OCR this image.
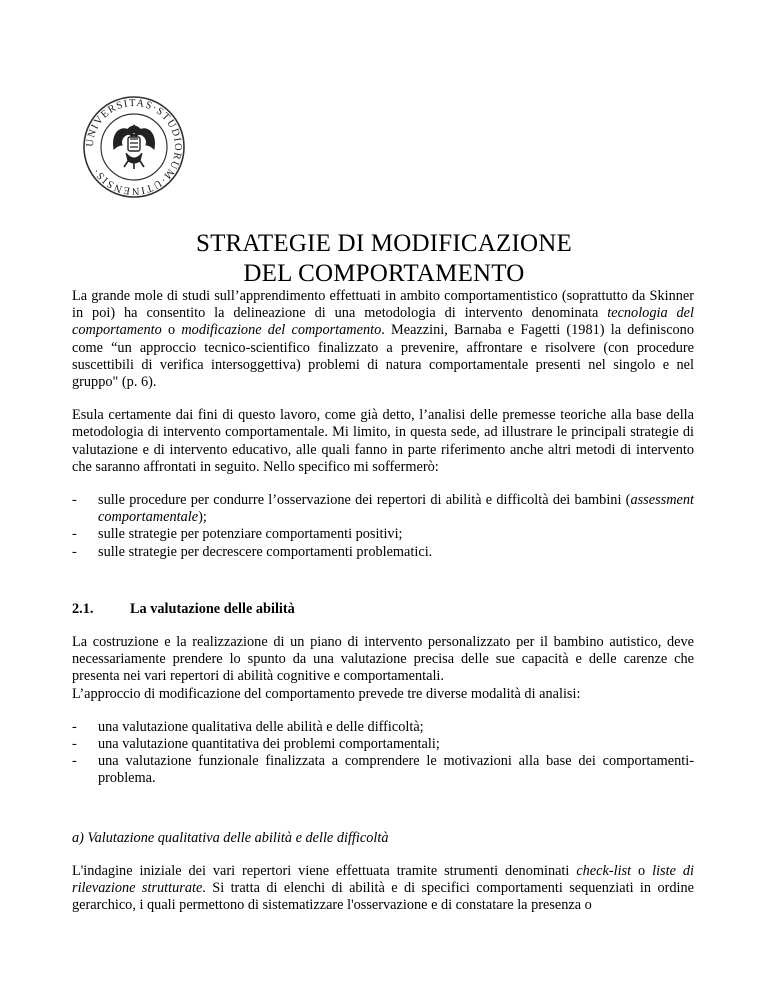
UNIVERSITAS·STUDIORUM·UTINENSIS·
STRATEGIE DI MODIFICAZIONE
DEL COMPORTAMENTO

La grande mole di studi sull’apprendimento effettuati in ambito comportamentistico (soprattutto da Skinner in poi) ha consentito la delineazione di una metodologia di intervento denominata tecnologia del comportamento o modificazione del comportamento. Meazzini, Barnaba e Fagetti (1981) la definiscono come “un approccio tecnico-scientifico finalizzato a prevenire, affrontare e risolvere (con procedure suscettibili di verifica intersoggettiva) problemi di natura comportamentale presenti nel singolo e nel gruppo" (p. 6).

Esula certamente dai fini di questo lavoro, come già detto, l’analisi delle premesse teoriche alla base della metodologia di intervento comportamentale. Mi limito, in questa sede, ad illustrare le principali strategie di valutazione e di intervento educativo, alle quali fanno in parte riferimento anche altri metodi di intervento che saranno affrontati in seguito. Nello specifico mi soffermerò:

- sulle procedure per condurre l’osservazione dei repertori di abilità e difficoltà dei bambini (assessment comportamentale);
- sulle strategie per potenziare comportamenti positivi;
- sulle strategie per decrescere comportamenti problematici.

2.1.	La valutazione delle abilità

La costruzione e la realizzazione di un piano di intervento personalizzato per il bambino autistico, deve necessariamente prendere lo spunto da una valutazione precisa delle sue capacità e delle carenze che presenta nei vari repertori di abilità cognitive e comportamentali.

L’approccio di modificazione del comportamento prevede tre diverse modalità di analisi:

- una valutazione qualitativa delle abilità e delle difficoltà;
- una valutazione quantitativa dei problemi comportamentali;
- una valutazione funzionale finalizzata a comprendere le motivazioni alla base dei comportamenti-problema.

a) Valutazione qualitativa delle abilità e delle difficoltà

L'indagine iniziale dei vari repertori viene effettuata tramite strumenti denominati check-list o liste di rilevazione strutturate. Si tratta di elenchi di abilità e di specifici comportamenti sequenziati in ordine gerarchico, i quali permettono di sistematizzare l'osservazione e di constatare la presenza o
